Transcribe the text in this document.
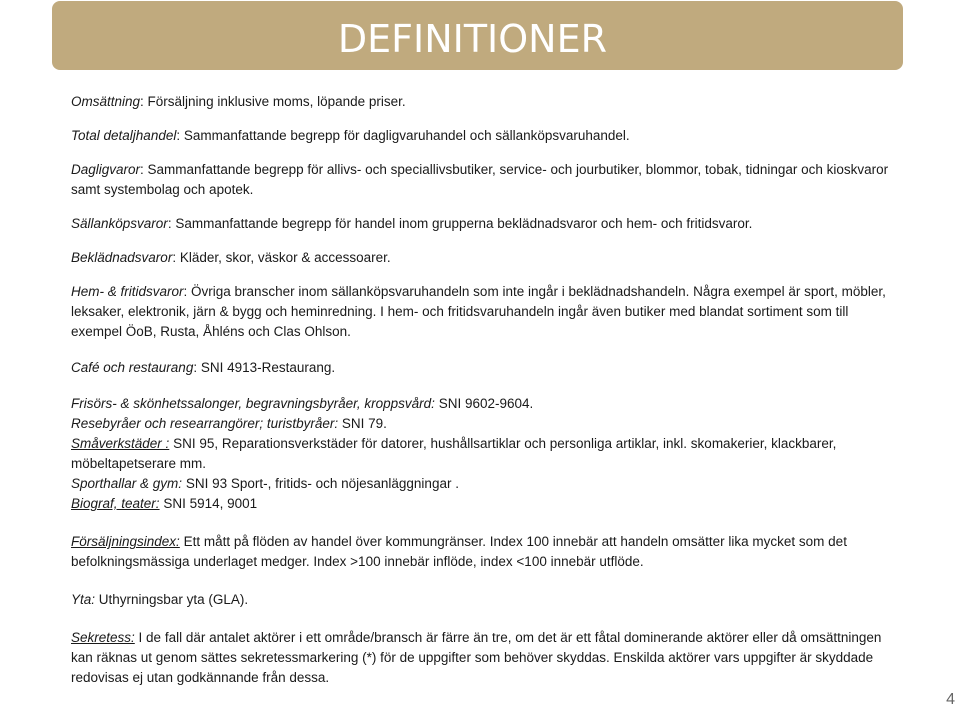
DEFINITIONER

Omsättning: Försäljning inklusive moms, löpande priser.

Total detaljhandel: Sammanfattande begrepp för dagligvaruhandel och sällanköpsvaruhandel.

Dagligvaror: Sammanfattande begrepp för allivs- och speciallivsbutiker, service- och jourbutiker, blommor, tobak, tidningar och kioskvaror samt systembolag och apotek.

Sällanköpsvaror: Sammanfattande begrepp för handel inom grupperna beklädnadsvaror och hem- och fritidsvaror.

Beklädnadsvaror: Kläder, skor, väskor & accessoarer.

Hem- & fritidsvaror: Övriga branscher inom sällanköpsvaruhandeln som inte ingår i beklädnadshandeln. Några exempel är sport, möbler, leksaker, elektronik, järn & bygg och heminredning. I hem- och fritidsvaruhandeln ingår även butiker med blandat sortiment som till exempel ÖoB, Rusta, Åhléns och Clas Ohlson.

Café och restaurang: SNI 4913-Restaurang.

Frisörs- & skönhetssalonger, begravningsbyråer, kroppsvård: SNI 9602-9604.

Resebyråer och researrangörer; turistbyråer: SNI 79.

Småverkstäder : SNI 95, Reparationsverkstäder för datorer, hushållsartiklar och personliga artiklar, inkl. skomakerier, klackbarer, möbeltapetserare mm.

Sporthallar & gym: SNI 93 Sport-, fritids- och nöjesanläggningar .

Biograf, teater: SNI 5914, 9001

Försäljningsindex: Ett mått på flöden av handel över kommungränser. Index 100 innebär att handeln omsätter lika mycket som det befolkningsmässiga underlaget medger. Index >100 innebär inflöde, index <100 innebär utflöde.

Yta: Uthyrningsbar yta (GLA).

Sekretess: I de fall där antalet aktörer i ett område/bransch är färre än tre, om det är ett fåtal dominerande aktörer eller då omsättningen kan räknas ut genom sättes sekretessmarkering (*) för de uppgifter som behöver skyddas. Enskilda aktörer vars uppgifter är skyddade redovisas ej utan godkännande från dessa.

4
